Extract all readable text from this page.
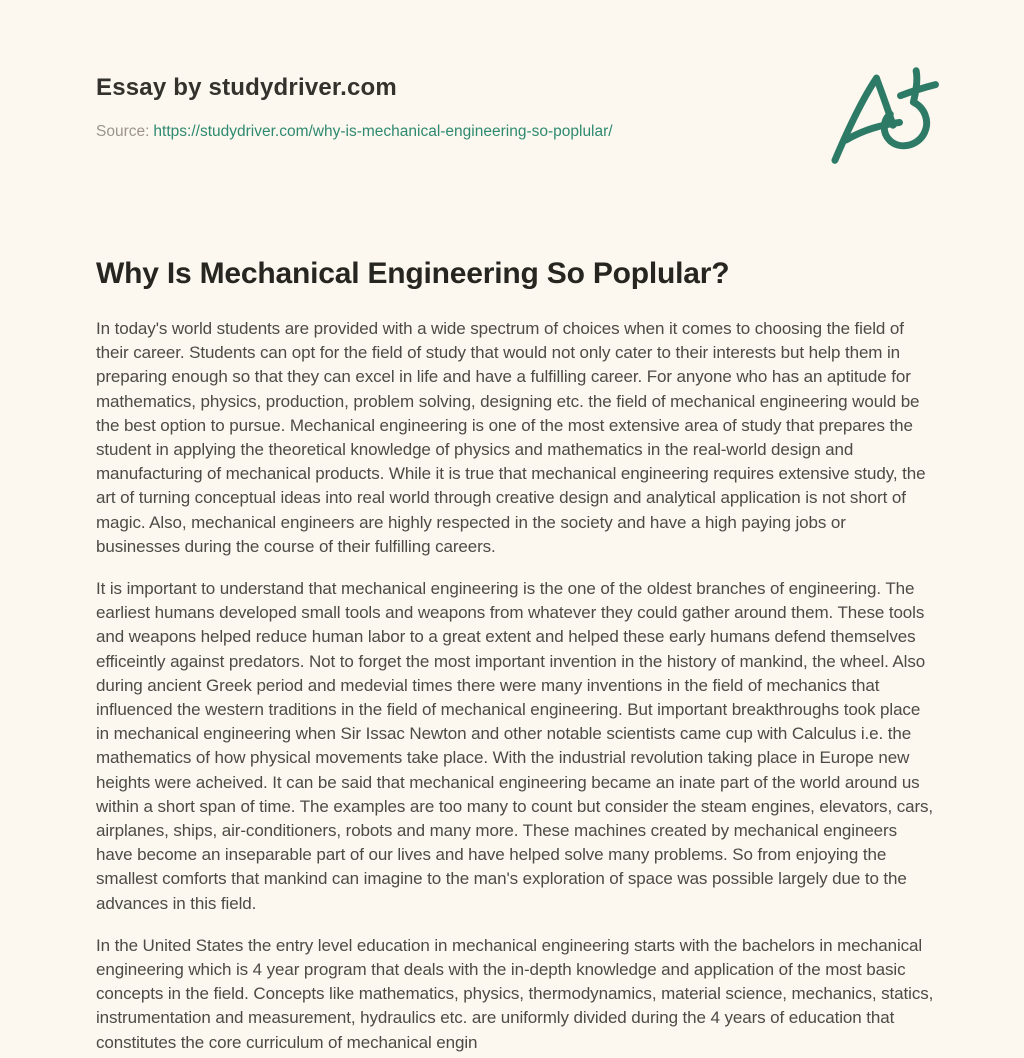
Essay by studydriver.com
Source: https://studydriver.com/why-is-mechanical-engineering-so-poplular/
Why Is Mechanical Engineering So Poplular?

In today's world students are provided with a wide spectrum of choices when it comes to choosing the field of their career. Students can opt for the field of study that would not only cater to their interests but help them in preparing enough so that they can excel in life and have a fulfilling career. For anyone who has an aptitude for mathematics, physics, production, problem solving, designing etc. the field of mechanical engineering would be the best option to pursue. Mechanical engineering is one of the most extensive area of study that prepares the student in applying the theoretical knowledge of physics and mathematics in the real-world design and manufacturing of mechanical products. While it is true that mechanical engineering requires extensive study, the art of turning conceptual ideas into real world through creative design and analytical application is not short of magic. Also, mechanical engineers are highly respected in the society and have a high paying jobs or businesses during the course of their fulfilling careers.

It is important to understand that mechanical engineering is the one of the oldest branches of engineering. The earliest humans developed small tools and weapons from whatever they could gather around them. These tools and weapons helped reduce human labor to a great extent and helped these early humans defend themselves efficeintly against predators. Not to forget the most important invention in the history of mankind, the wheel. Also during ancient Greek period and medevial times there were many inventions in the field of mechanics that influenced the western traditions in the field of mechanical engineering. But important breakthroughs took place in mechanical engineering when Sir Issac Newton and other notable scientists came cup with Calculus i.e. the mathematics of how physical movements take place. With the industrial revolution taking place in Europe new heights were acheived. It can be said that mechanical engineering became an inate part of the world around us within a short span of time. The examples are too many to count but consider the steam engines, elevators, cars, airplanes, ships, air-conditioners, robots and many more. These machines created by mechanical engineers have become an inseparable part of our lives and have helped solve many problems. So from enjoying the smallest comforts that mankind can imagine to the man's exploration of space was possible largely due to the advances in this field.

In the United States the entry level education in mechanical engineering starts with the bachelors in mechanical engineering which is 4 year program that deals with the in-depth knowledge and application of the most basic concepts in the field. Concepts like mathematics, physics, thermodynamics, material science, mechanics, statics, instrumentation and measurement, hydraulics etc. are uniformly divided during the 4 years of education that constitutes the core curriculum of mechanical engin
